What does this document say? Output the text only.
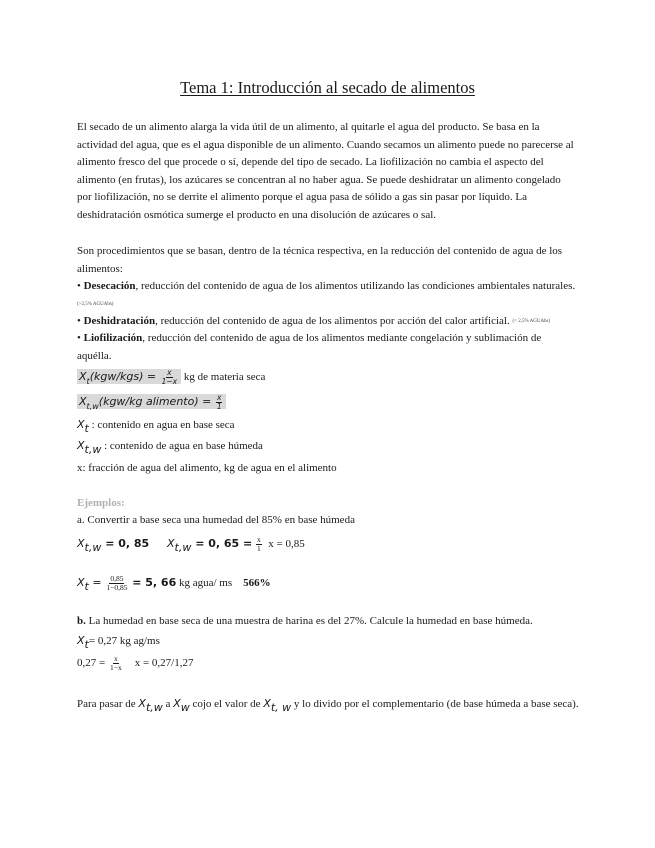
Tema 1: Introducción al secado de alimentos
El secado de un alimento alarga la vida útil de un alimento, al quitarle el agua del producto. Se basa en la actividad del agua, que es el agua disponible de un alimento. Cuando secamos un alimento puede no parecerse al alimento fresco del que procede o sí, depende del tipo de secado. La liofilización no cambia el aspecto del alimento (en frutas), los azúcares se concentran al no haber agua. Se puede deshidratar un alimento congelado por liofilización, no se derrite el alimento porque el agua pasa de sólido a gas sin pasar por líquido. La deshidratación osmótica sumerge el producto en una disolución de azúcares o sal.
Son procedimientos que se basan, dentro de la técnica respectiva, en la reducción del contenido de agua de los alimentos:
• Desecación, reducción del contenido de agua de los alimentos utilizando las condiciones ambientales naturales. (>2,5% AGUAbs)
• Deshidratación, reducción del contenido de agua de los alimentos por acción del calor artificial. (< 2,5% AGUAbs)
• Liofilización, reducción del contenido de agua de los alimentos mediante congelación y sublimación de aquélla.
$X_t(kgw/kgs) = \frac{x}{1-x}$ kg de materia seca
$X_{t,w}(kgw/kg$ alimento) = $\frac{x}{1}$
$X_t$ : contenido en agua en base seca
$X_{t,w}$ : contenido de agua en base húmeda
x: fracción de agua del alimento, kg de agua en el alimento
Ejemplos:
a. Convertir a base seca una humedad del 85% en base húmeda
$X_{t,w} = 0$, 85 $X_{t,w} = 0$, $65 = \frac{x}{1}$ x = 0,85
$X_t = \frac{0,85}{1-0,85} = 5$, 66 kg agua/ ms 566%
b. La humedad en base seca de una muestra de harina es del 27%. Calcule la humedad en base húmeda.
$X_t= 0,27$ kg ag/ms
$0,27 = \frac{x}{1-x}$ x = 0,27/1,27
Para pasar de $X_{t,w}$ a $X_w$ cojo el valor de $X_{t, w}$ y lo divido por el complementario (de base húmeda a base seca).
